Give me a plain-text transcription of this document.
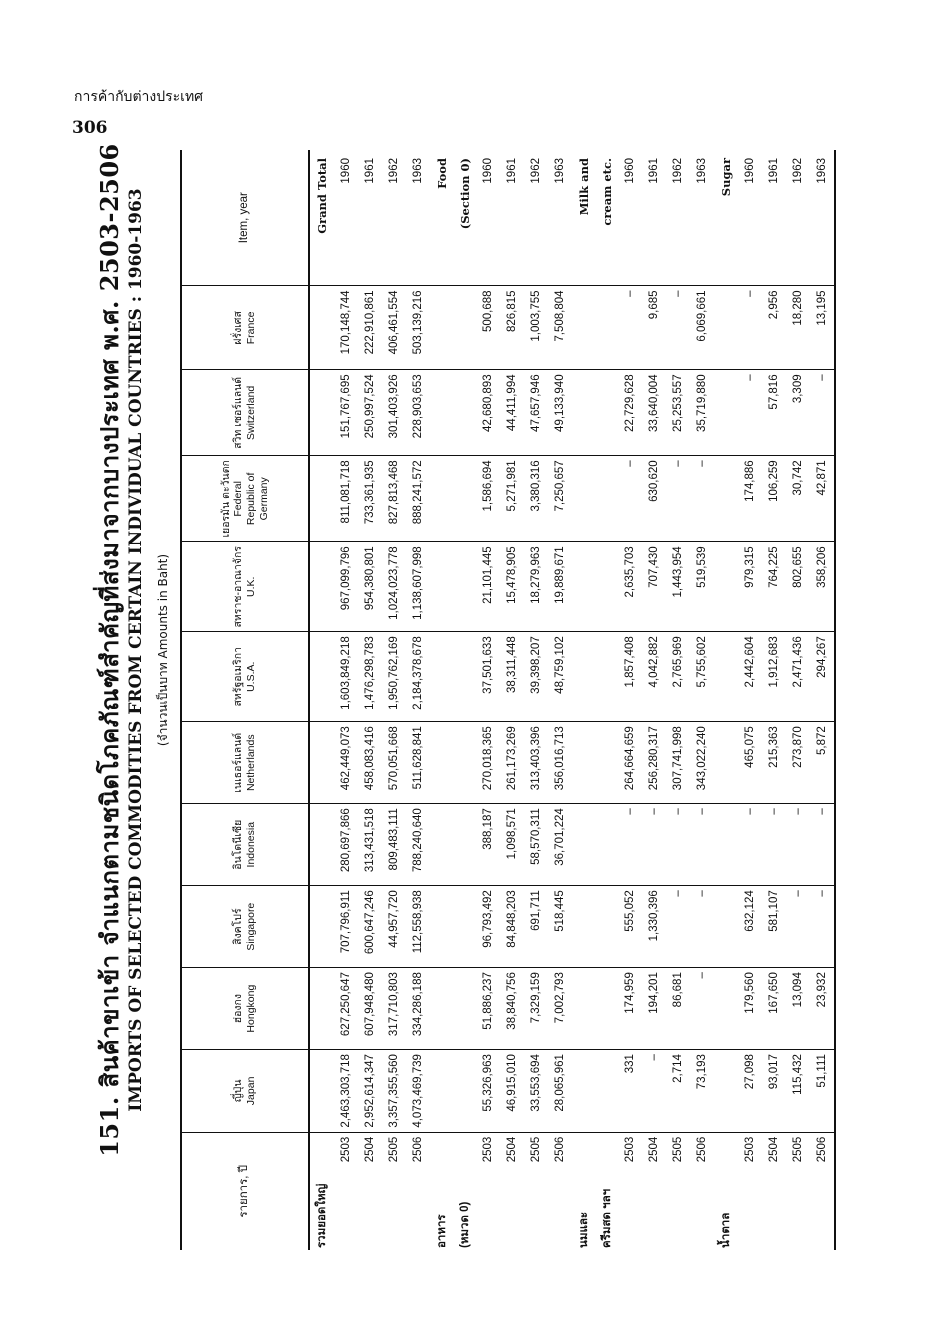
การค้ากับต่างประเทศ
306
151. สินค้าขาเข้า จำแนกตามชนิดโภคภัณฑ์สำคัญที่ส่งมาจากบางประเทศ พ.ศ. 2503-2506 IMPORTS OF SELECTED COMMODITIES FROM CERTAIN INDIVIDUAL COUNTRIES : 1960-1963 (จำนวนเป็นบาท Amounts in Baht)
รายการ, ปี	ญี่ปุ่น Japan	ฮ่องกง Hongkong	สิงคโปร์ Singapore	อินโดนีเซีย Indonesia	เนเธอร์แลนด์ Netherlands	สหรัฐอเมริกา U.S.A.	สหราช-อาณาจักร U.K.	เยอรมัน ตะวันตก Federal Republic of Germany	สวิท เซอร์แลนด์ Switzerland	ฝรั่งเศส France	Item, year
รวมยอดใหญ่											Grand Total
2503	2,463,303,718	627,250,647	707,796,911	280,697,866	462,449,073	1,603,849,218	967,099,796	811,081,718	151,767,695	170,148,744	1960
2504	2,952,614,347	607,948,480	600,647,246	313,431,518	458,083,416	1,476,298,783	954,380,801	733,361,935	250,997,524	222,910,861	1961
2505	3,357,355,560	317,710,803	44,957,720	809,483,111	570,051,668	1,950,762,169	1,024,023,778	827,813,468	301,403,926	406,461,554	1962
2506	4,073,469,739	334,286,188	112,558,938	788,240,640	511,628,841	2,184,378,678	1,138,607,998	888,241,572	228,903,653	503,139,216	1963
อาหาร											Food
(หมวด 0)											(Section 0)
2503	55,326,963	51,886,237	96,793,492	388,187	270,018,365	37,501,633	21,101,445	1,586,694	42,680,893	500,688	1960
2504	46,915,010	38,840,756	84,848,203	1,098,571	261,173,269	38,311,448	15,478,905	5,271,981	44,411,994	826,815	1961
2505	33,553,694	7,329,159	691,711	58,570,311	313,403,396	39,398,207	18,279,963	3,380,316	47,657,946	1,003,755	1962
2506	28,065,961	7,002,793	518,445	36,701,224	356,016,713	48,759,102	19,889,671	7,250,657	49,133,940	7,508,804	1963
นมและ											Milk and
ครีมสด ฯลฯ											cream etc.
2503	331	174,959	555,052	–	264,664,659	1,857,408	2,635,703	–	22,729,628	–	1960
2504	–	194,201	1,330,396	–	256,280,317	4,042,882	707,430	630,620	33,640,004	9,685	1961
2505	2,714	86,681	–	–	307,741,998	2,765,969	1,443,954	–	25,253,557	–	1962
2506	73,193	–	–	–	343,022,240	5,755,602	519,539	–	35,719,880	6,069,661	1963
น้ำตาล											Sugar
2503	27,098	179,560	632,124	–	465,075	2,442,604	979,315	174,886	–	–	1960
2504	93,017	167,650	581,107	–	215,363	1,912,683	764,225	106,259	57,816	2,956	1961
2505	115,432	13,094	–	–	273,870	2,471,436	802,655	30,742	3,309	18,280	1962
2506	51,111	23,932	–	–	5,872	294,267	358,206	42,871	–	13,195	1963
